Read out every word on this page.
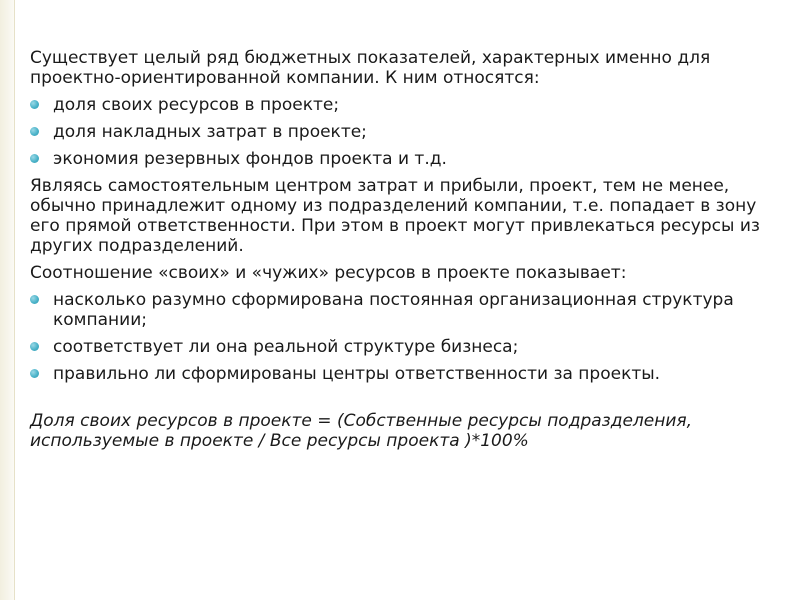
Существует целый ряд бюджетных показателей, характерных именно для проектно-ориентированной компании. К ним относятся:

доля своих ресурсов в проекте;
доля накладных затрат в проекте;
экономия резервных фондов проекта и т.д.

Являясь самостоятельным центром затрат и прибыли, проект, тем не менее, обычно принадлежит одному из подразделений компании, т.е. попадает в зону его прямой ответственности. При этом в проект могут привлекаться ресурсы из других подразделений.

Соотношение «своих» и «чужих» ресурсов в проекте показывает:

насколько разумно сформирована постоянная организационная структура компании;
соответствует ли она реальной структуре бизнеса;
правильно ли сформированы центры ответственности за проекты.

Доля своих ресурсов в проекте = (Собственные ресурсы подразделения, используемые в проекте / Все ресурсы проекта )*100%
